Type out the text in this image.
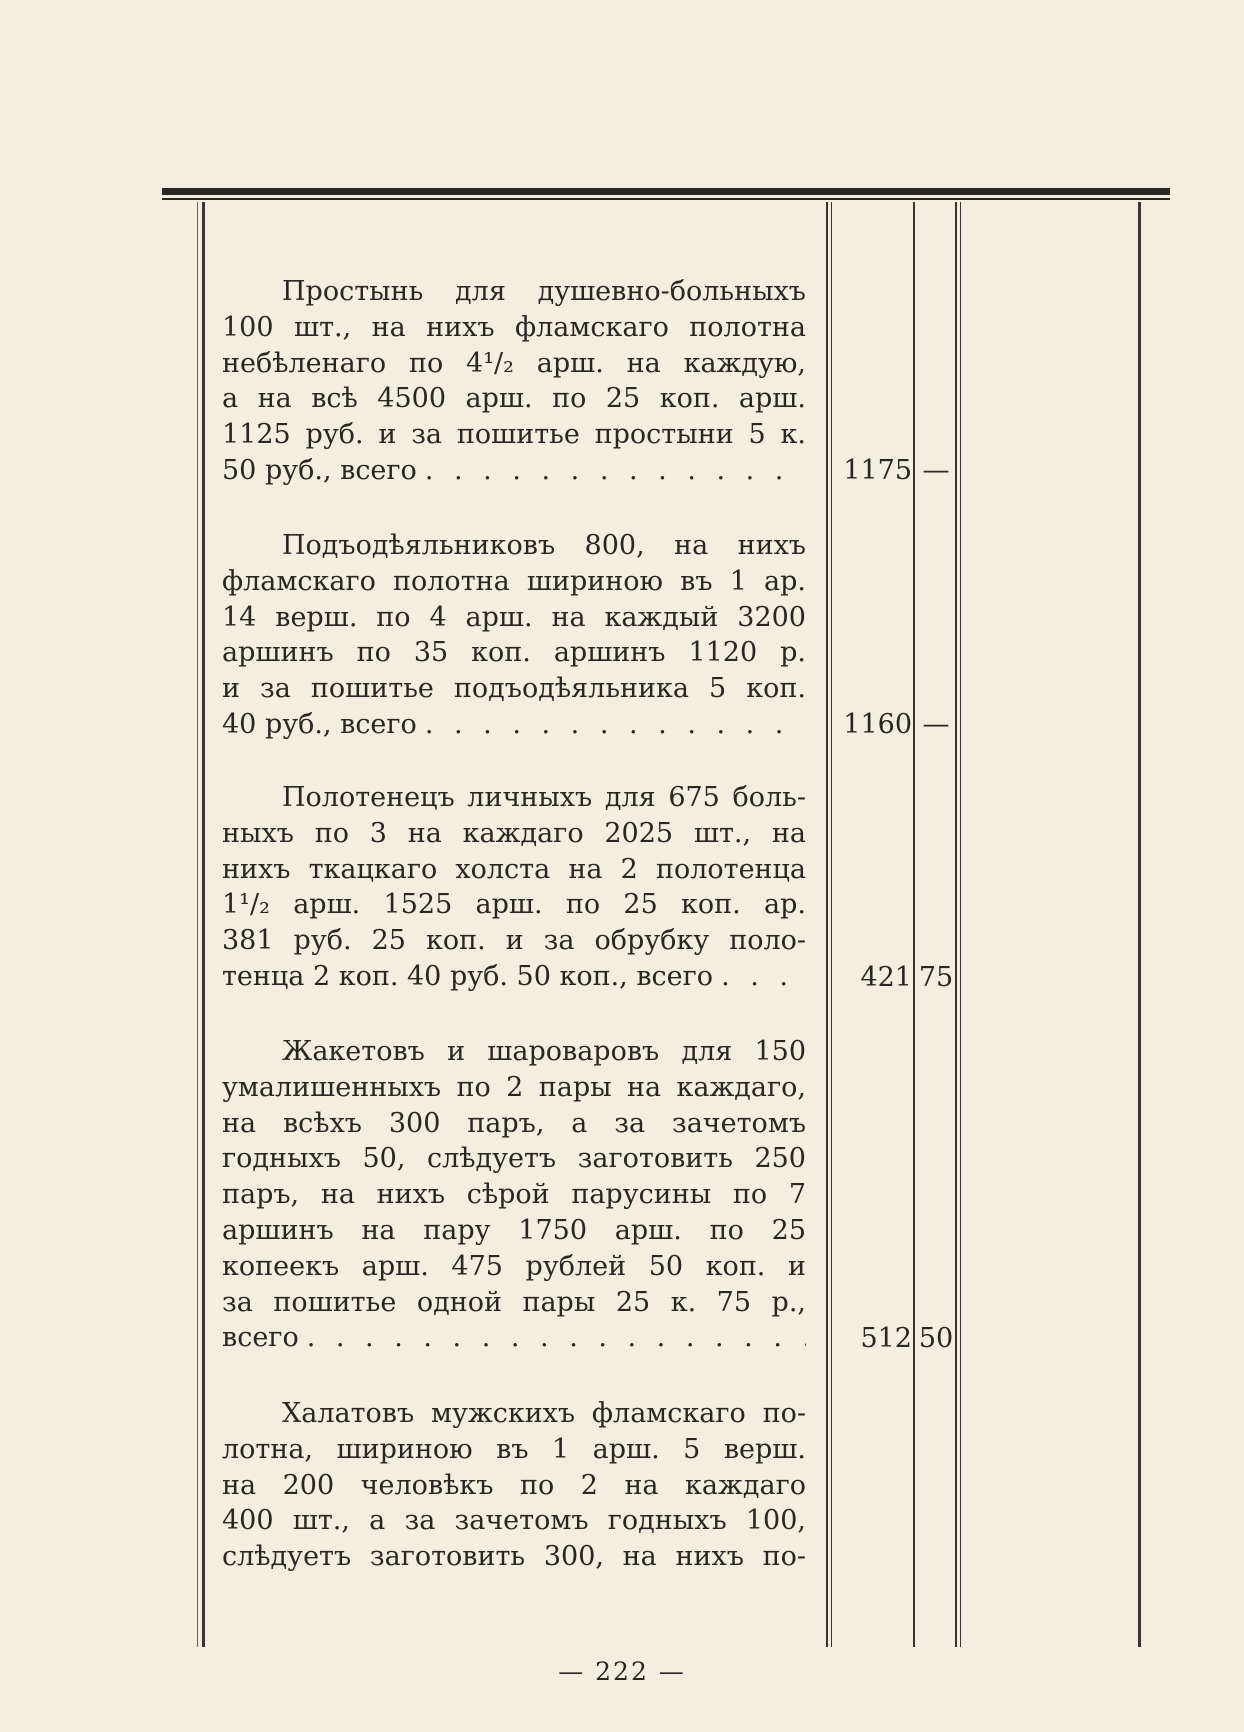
Простынь для душевно-больныхъ
100 шт., на нихъ фламскаго полотна
небѣленаго по 4¹/₂ арш. на каждую,
а на всѣ 4500 арш. по 25 коп. арш.
1125 руб. и за пошитье простыни 5 к.
50 руб., всего . . .	1175 —
Подъодѣяльниковъ 800, на нихъ
фламскаго полотна шириною въ 1 ар.
14 верш. по 4 арш. на каждый 3200
аршинъ по 35 коп. аршинъ 1120 р.
и за пошитье подъодѣяльника 5 коп.
40 руб., всего . . .	1160 —
Полотенецъ личныхъ для 675 боль-
ныхъ по 3 на каждаго 2025 шт., на
нихъ ткацкаго холста на 2 полотенца
1¹/₂ арш. 1525 арш. по 25 коп. ар.
381 руб. 25 коп. и за обрубку поло-
тенца 2 коп. 40 руб. 50 коп., всего . . .	421 75
Жакетовъ и шароваровъ для 150
умалишенныхъ по 2 пары на каждаго,
на всѣхъ 300 паръ, а за зачетомъ
годныхъ 50, слѣдуетъ заготовить 250
паръ, на нихъ сѣрой парусины по 7
аршинъ на пару 1750 арш. по 25
копеекъ арш. 475 рублей 50 коп. и
за пошитье одной пары 25 к. 75 р.,
всего . . .	512 50
Халатовъ мужскихъ фламскаго по-
лотна, шириною въ 1 арш. 5 верш.
на 200 человѣкъ по 2 на каждаго
400 шт., а за зачетомъ годныхъ 100,
слѣдуетъ заготовить 300, на нихъ по-
— 222 —
